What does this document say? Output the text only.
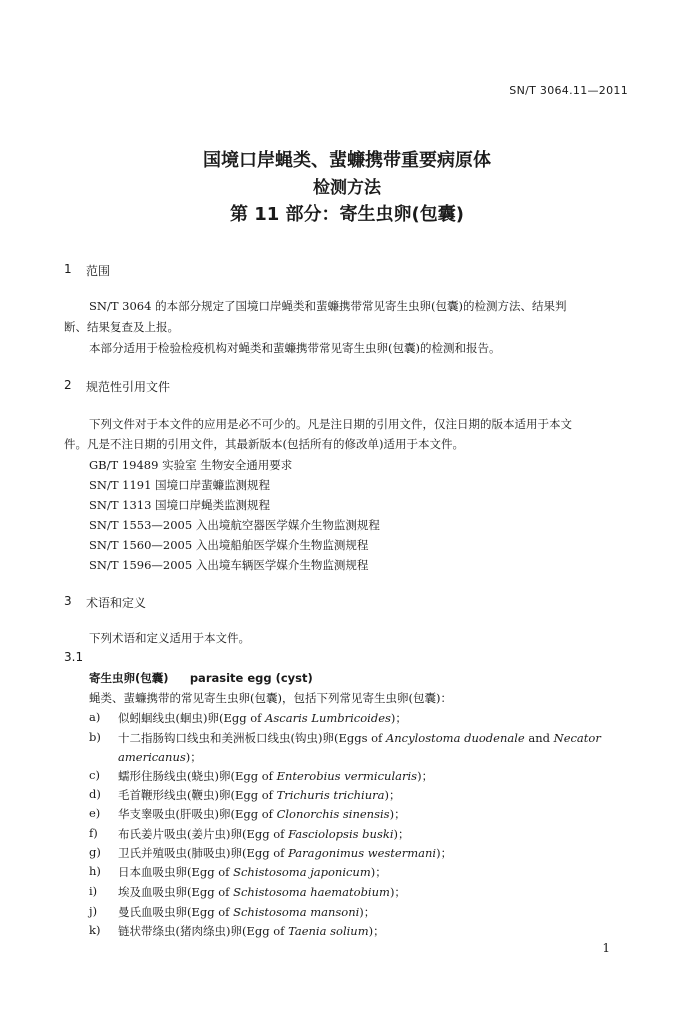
SN/T 3064.11—2011
国境口岸蝇类、蜚蠊携带重要病原体
检测方法
第 11 部分：寄生虫卵(包囊)
1 范围
SN/T 3064 的本部分规定了国境口岸蝇类和蜚蠊携带常见寄生虫卵(包囊)的检测方法、结果判
断、结果复查及上报。
本部分适用于检验检疫机构对蝇类和蜚蠊携带常见寄生虫卵(包囊)的检测和报告。
2 规范性引用文件
下列文件对于本文件的应用是必不可少的。凡是注日期的引用文件，仅注日期的版本适用于本文
件。凡是不注日期的引用文件，其最新版本(包括所有的修改单)适用于本文件。
GB/T 19489 实验室 生物安全通用要求
SN/T 1191 国境口岸蜚蠊监测规程
SN/T 1313 国境口岸蝇类监测规程
SN/T 1553—2005 入出境航空器医学媒介生物监测规程
SN/T 1560—2005 入出境船舶医学媒介生物监测规程
SN/T 1596—2005 入出境车辆医学媒介生物监测规程
3 术语和定义
下列术语和定义适用于本文件。
3.1
寄生虫卵(包囊) parasite egg (cyst)
蝇类、蜚蠊携带的常见寄生虫卵(包囊)，包括下列常见寄生虫卵(包囊)：
a) 似蚓蛔线虫(蛔虫)卵(Egg of Ascaris Lumbricoides)；
b) 十二指肠钩口线虫和美洲板口线虫(钩虫)卵(Eggs of Ancylostoma duodenale and Necator
americanus)；
c) 蠕形住肠线虫(蛲虫)卵(Egg of Enterobius vermicularis)；
d) 毛首鞭形线虫(鞭虫)卵(Egg of Trichuris trichiura)；
e) 华支睾吸虫(肝吸虫)卵(Egg of Clonorchis sinensis)；
f) 布氏姜片吸虫(姜片虫)卵(Egg of Fasciolopsis buski)；
g) 卫氏并殖吸虫(肺吸虫)卵(Egg of Paragonimus westermani)；
h) 日本血吸虫卵(Egg of Schistosoma japonicum)；
i) 埃及血吸虫卵(Egg of Schistosoma haematobium)；
j) 曼氏血吸虫卵(Egg of Schistosoma mansoni)；
k) 链状带绦虫(猪肉绦虫)卵(Egg of Taenia solium)；
1
